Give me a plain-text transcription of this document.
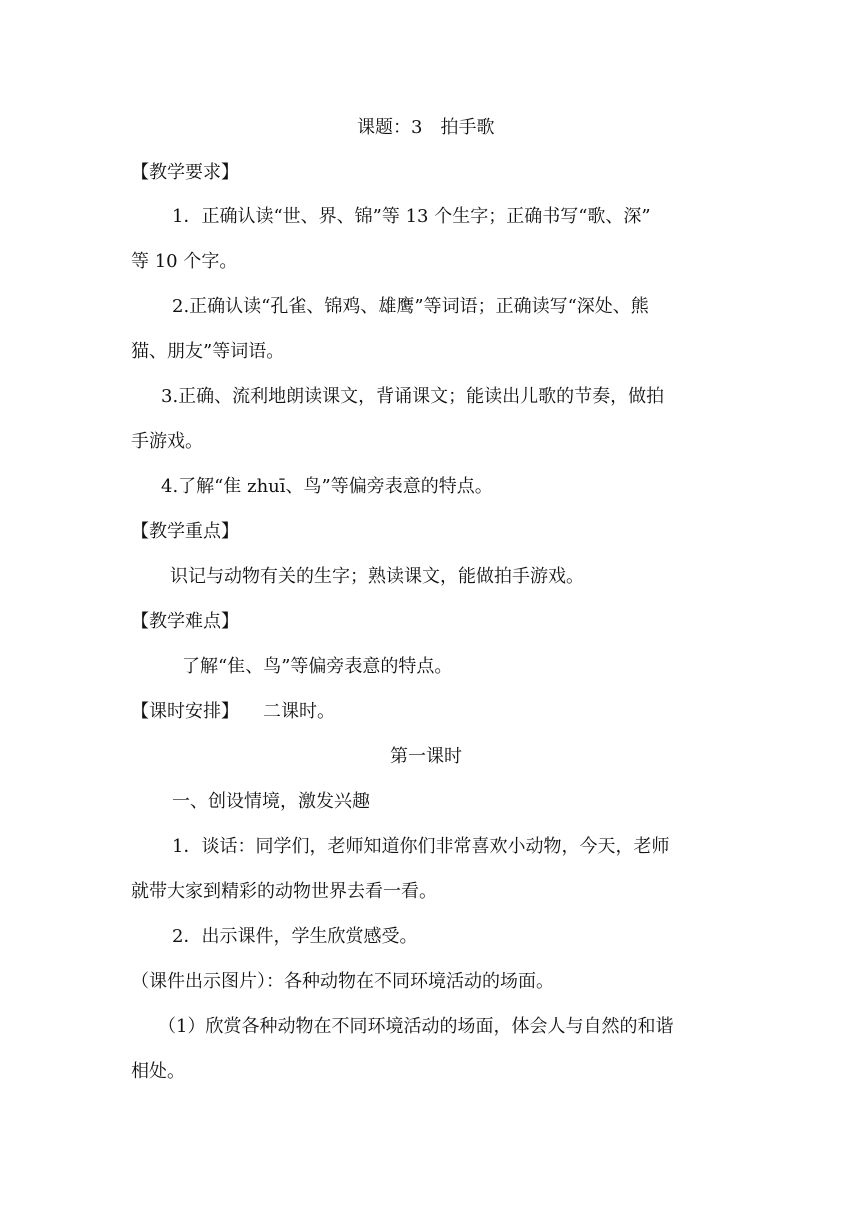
课题：3　拍手歌
【教学要求】
1．正确认读“世、界、锦”等 13 个生字；正确书写“歌、深”
等 10 个字。
2.正确认读“孔雀、锦鸡、雄鹰”等词语；正确读写“深处、熊
猫、朋友”等词语。
3.正确、流利地朗读课文，背诵课文；能读出儿歌的节奏，做拍
手游戏。
4.了解“隹 zhuī、鸟”等偏旁表意的特点。
【教学重点】
识记与动物有关的生字；熟读课文，能做拍手游戏。
【教学难点】
了解“隹、鸟”等偏旁表意的特点。
【课时安排】 二课时。
第一课时
一、创设情境，激发兴趣
1．谈话：同学们，老师知道你们非常喜欢小动物，今天，老师
就带大家到精彩的动物世界去看一看。
2．出示课件，学生欣赏感受。
（课件出示图片）：各种动物在不同环境活动的场面。
（1）欣赏各种动物在不同环境活动的场面，体会人与自然的和谐
相处。
